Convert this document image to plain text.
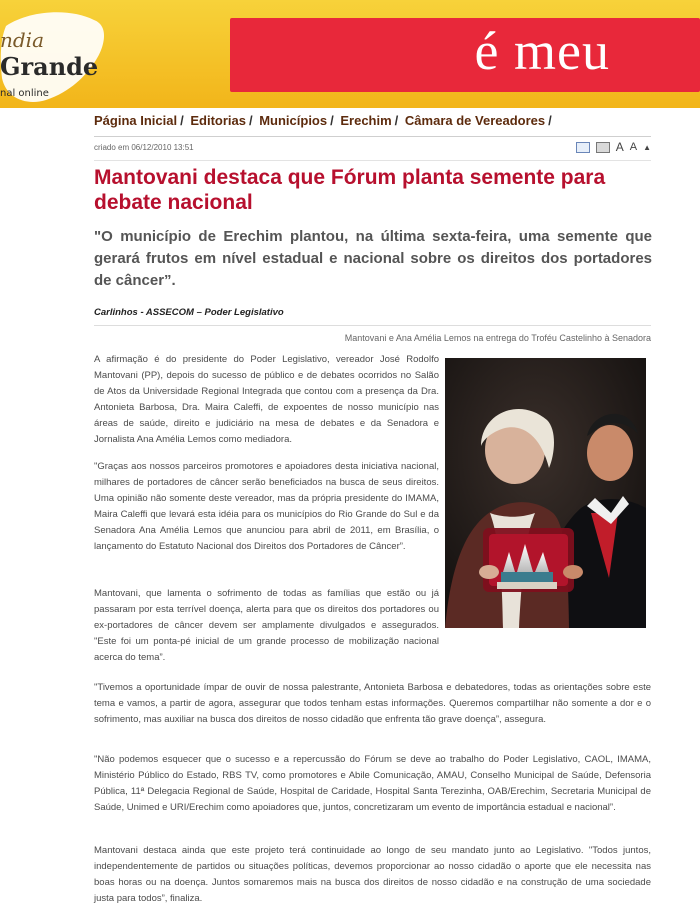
ndia
Grande
nal online
é meu
Página Inicial / Editorias / Municípios / Erechim / Câmara de Vereadores /
criado em 06/12/2010 13:51	A A ▲
Mantovani destaca que Fórum planta semente para debate nacional
"O município de Erechim plantou, na última sexta-feira, uma semente que gerará frutos em nível estadual e nacional sobre os direitos dos portadores de câncer”.
Carlinhos - ASSECOM – Poder Legislativo
Mantovani e Ana Amélia Lemos na entrega do Troféu Castelinho à Senadora
A afirmação é do presidente do Poder Legislativo, vereador José Rodolfo Mantovani (PP), depois do sucesso de público e de debates ocorridos no Salão de Atos da Universidade Regional Integrada que contou com a presença da Dra. Antonieta Barbosa, Dra. Maira Caleffi, de expoentes de nosso município nas áreas de saúde, direito e judiciário na mesa de debates e da Senadora e Jornalista Ana Amélia Lemos como mediadora.
"Graças aos nossos parceiros promotores e apoiadores desta iniciativa nacional, milhares de portadores de câncer serão beneficiados na busca de seus direitos. Uma opinião não somente deste vereador, mas da própria presidente do IMAMA, Maira Caleffi que levará esta idéia para os municípios do Rio Grande do Sul e da Senadora Ana Amélia Lemos que anunciou para abril de 2011, em Brasília, o lançamento do Estatuto Nacional dos Direitos dos Portadores de Câncer”.
Mantovani, que lamenta o sofrimento de todas as famílias que estão ou já passaram por esta terrível doença, alerta para que os direitos dos portadores ou ex-portadores de câncer devem ser amplamente divulgados e assegurados. "Este foi um ponta-pé inicial de um grande processo de mobilização nacional acerca do tema”.
"Tivemos a oportunidade ímpar de ouvir de nossa palestrante, Antonieta Barbosa e debatedores, todas as orientações sobre este tema e vamos, a partir de agora, assegurar que todos tenham estas informações. Queremos compartilhar não somente a dor e o sofrimento, mas auxiliar na busca dos direitos de nosso cidadão que enfrenta tão grave doença”, assegura.
"Não podemos esquecer que o sucesso e a repercussão do Fórum se deve ao trabalho do Poder Legislativo, CAOL, IMAMA, Ministério Público do Estado, RBS TV, como promotores e Abile Comunicação, AMAU, Conselho Municipal de Saúde, Defensoria Pública, 11ª Delegacia Regional de Saúde, Hospital de Caridade, Hospital Santa Terezinha, OAB/Erechim, Secretaria Municipal de Saúde, Unimed e URI/Erechim como apoiadores que, juntos, concretizaram um evento de importância estadual e nacional”.
Mantovani destaca ainda que este projeto terá continuidade ao longo de seu mandato junto ao Legislativo. "Todos juntos, independentemente de partidos ou situações políticas, devemos proporcionar ao nosso cidadão o aporte que ele necessita nas boas horas ou na doença. Juntos somaremos mais na busca dos direitos de nosso cidadão e na construção de uma sociedade justa para todos”, finaliza.
